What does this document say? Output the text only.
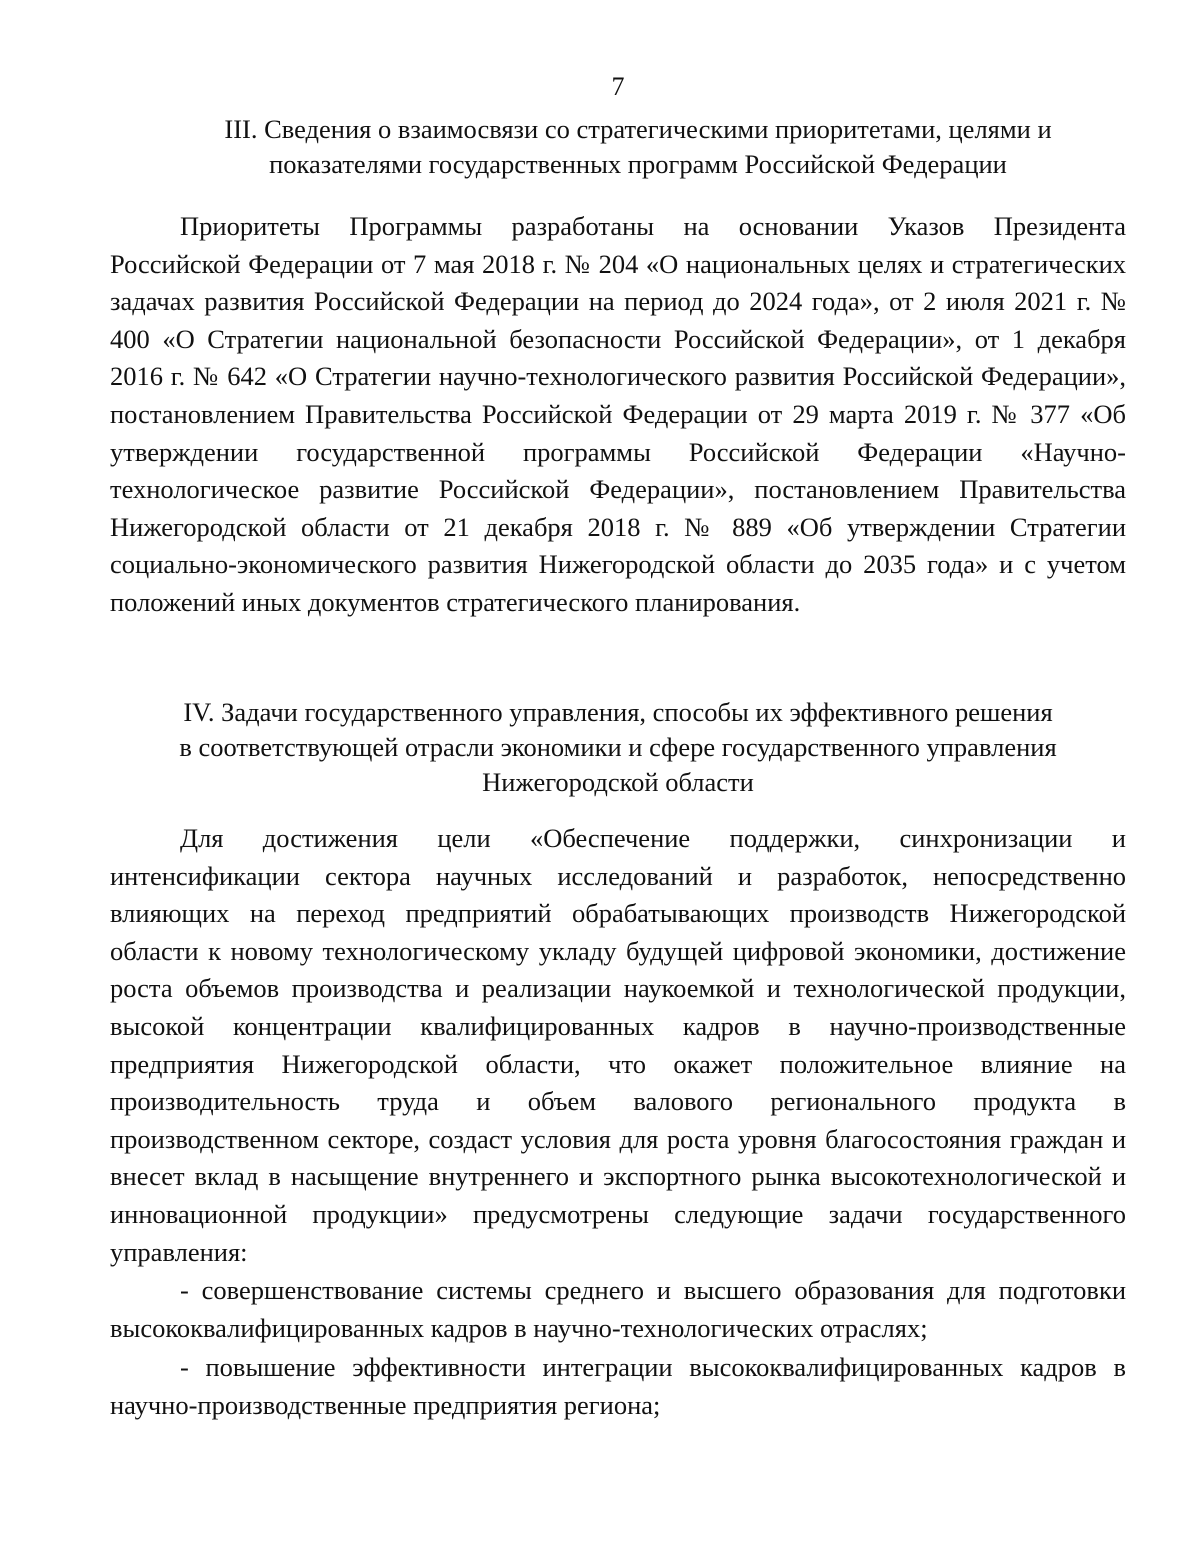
7
III. Сведения о взаимосвязи со стратегическими приоритетами, целями и
показателями государственных программ Российской Федерации

Приоритеты Программы разработаны на основании Указов Президента Российской Федерации от 7 мая 2018 г. № 204 «О национальных целях и стратегических задачах развития Российской Федерации на период до 2024 года», от 2 июля 2021 г. № 400 «О Стратегии национальной безопасности Российской Федерации», от 1 декабря 2016 г. № 642 «О Стратегии научно-технологического развития Российской Федерации», постановлением Правительства Российской Федерации от 29 марта 2019 г. № 377 «Об утверждении государственной программы Российской Федерации «Научно-технологическое развитие Российской Федерации», постановлением Правительства Нижегородской области от 21 декабря 2018 г. № 889 «Об утверждении Стратегии социально-экономического развития Нижегородской области до 2035 года» и с учетом положений иных документов стратегического планирования.

IV. Задачи государственного управления, способы их эффективного решения
в соответствующей отрасли экономики и сфере государственного управления
Нижегородской области

Для достижения цели «Обеспечение поддержки, синхронизации и интенсификации сектора научных исследований и разработок, непосредственно влияющих на переход предприятий обрабатывающих производств Нижегородской области к новому технологическому укладу будущей цифровой экономики, достижение роста объемов производства и реализации наукоемкой и технологической продукции, высокой концентрации квалифицированных кадров в научно-производственные предприятия Нижегородской области, что окажет положительное влияние на производительность труда и объем валового регионального продукта в производственном секторе, создаст условия для роста уровня благосостояния граждан и внесет вклад в насыщение внутреннего и экспортного рынка высокотехнологической и инновационной продукции» предусмотрены следующие задачи государственного управления:

- совершенствование системы среднего и высшего образования для подготовки высококвалифицированных кадров в научно-технологических отраслях;

- повышение эффективности интеграции высококвалифицированных кадров в научно-производственные предприятия региона;
